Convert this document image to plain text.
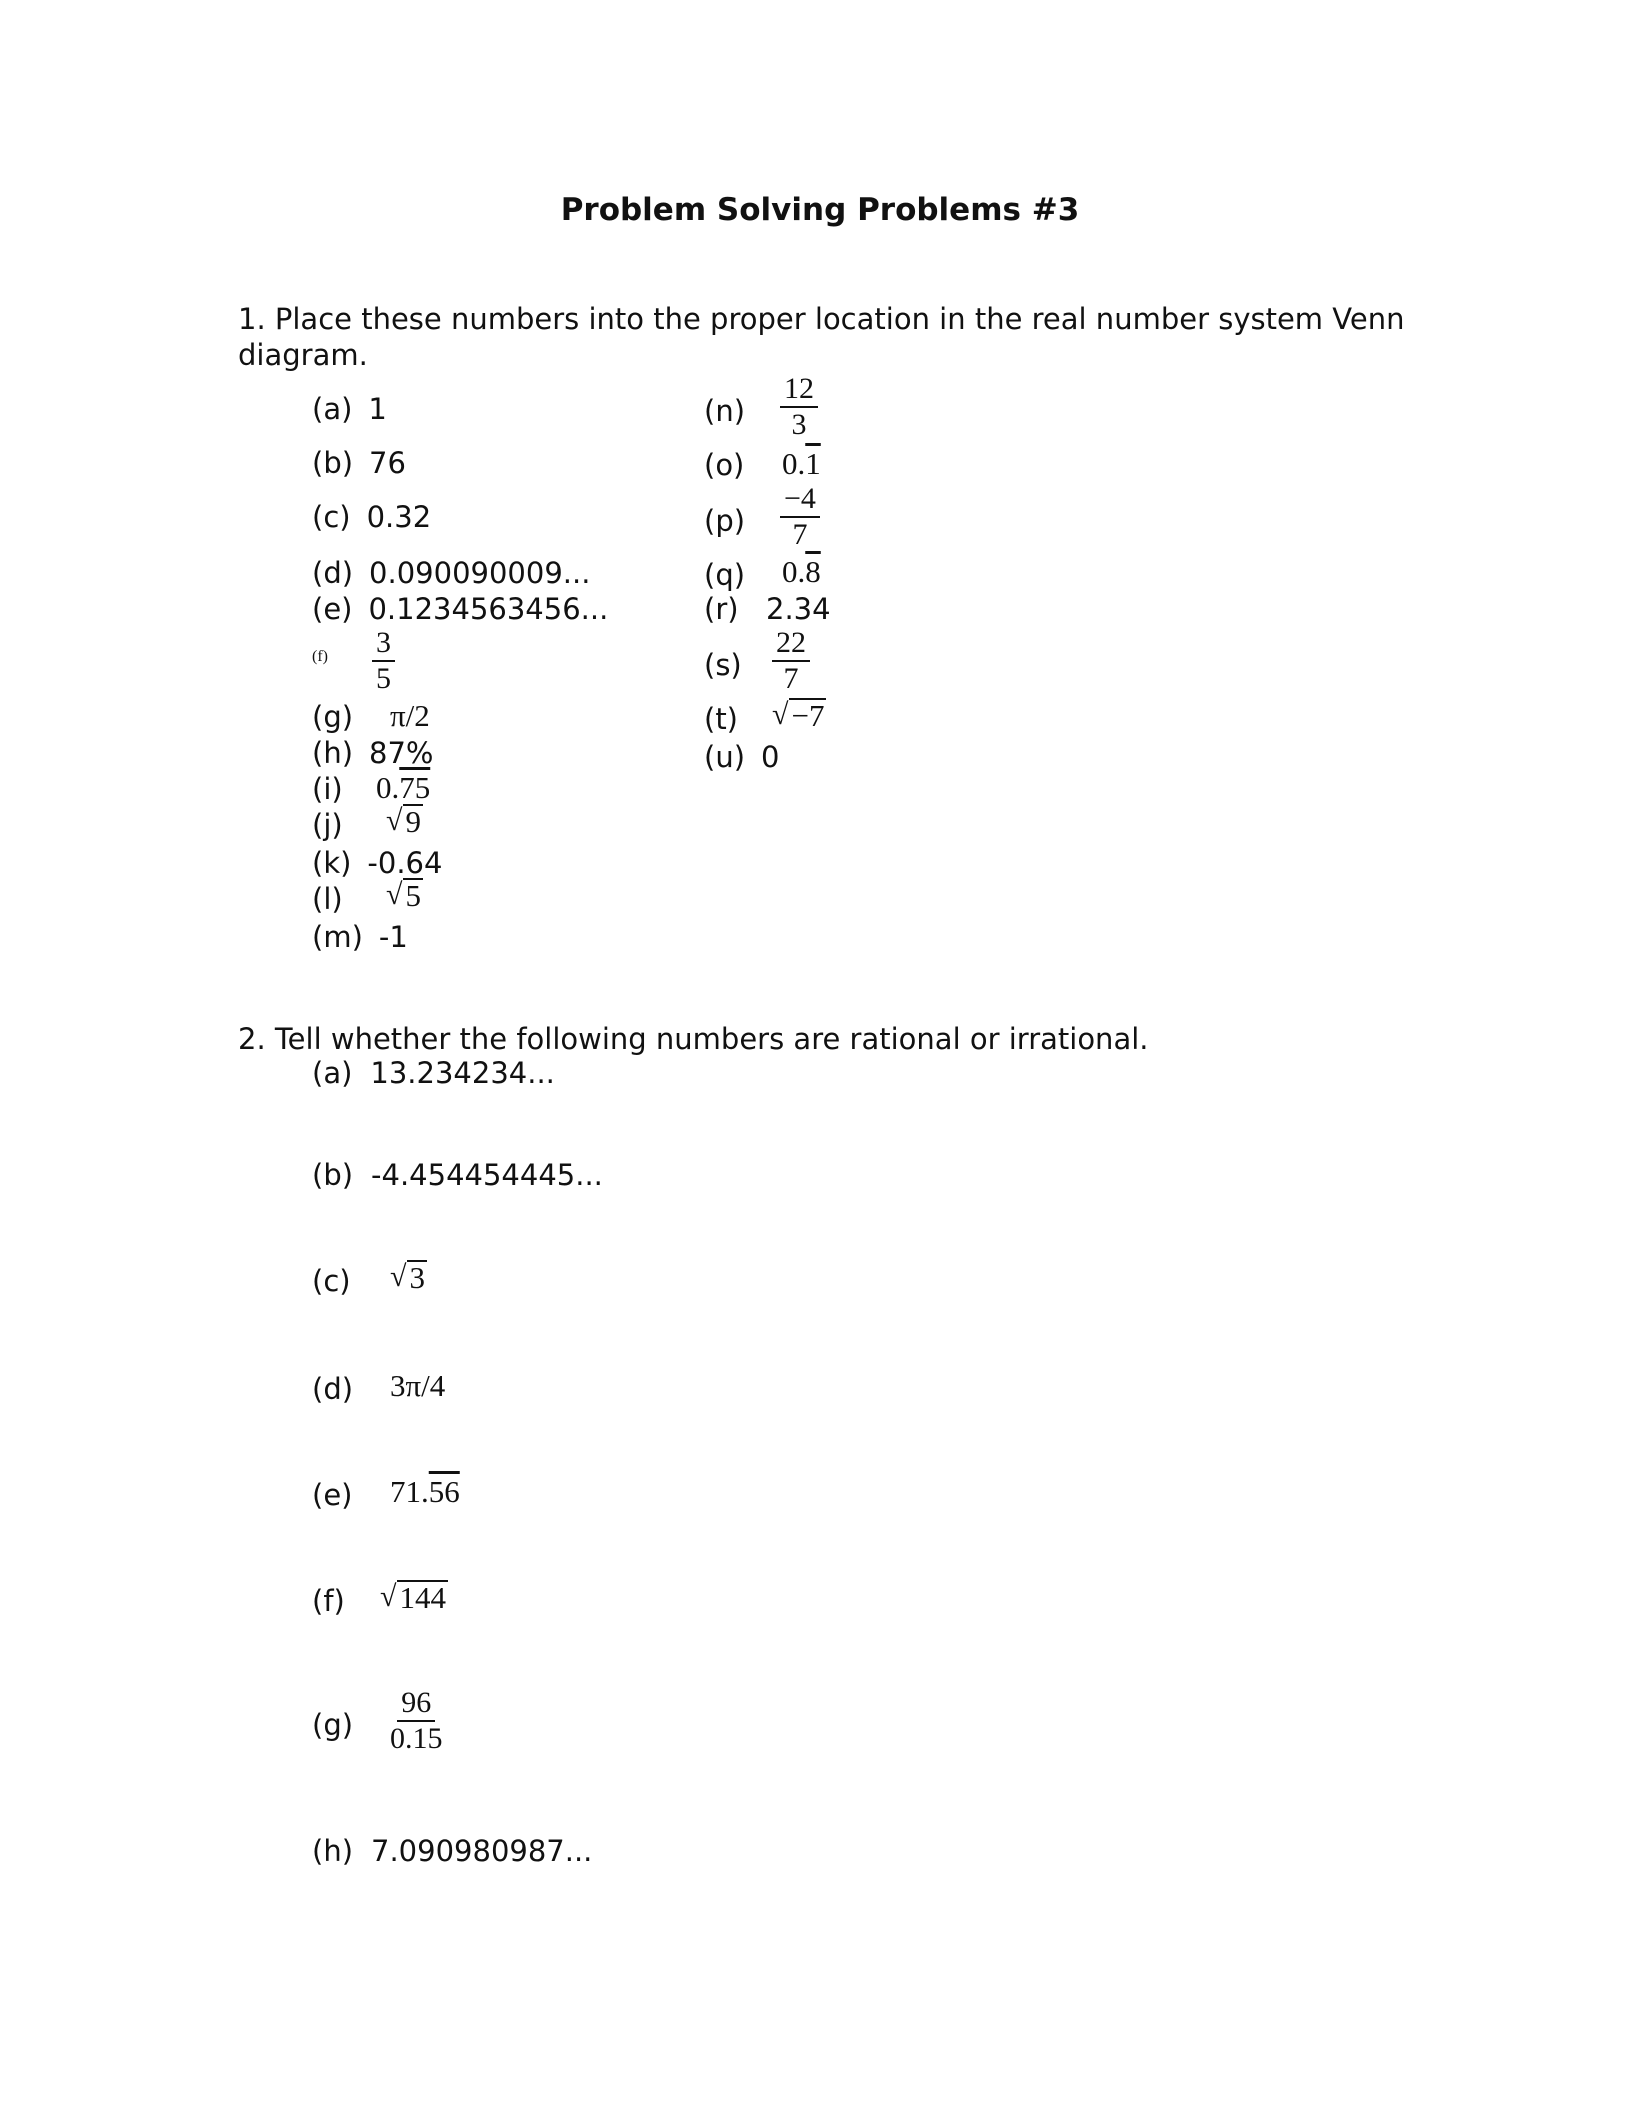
Problem Solving Problems #3
1. Place these numbers into the proper location in the real number system Venn
diagram.
(a) 1
(b) 76
(c) 0.32
(d) 0.090090009...
(e) 0.1234563456...
$(f) \frac{3}{5}$
(g) π/2
(h) 87%
(i) 0.75
(j) √ 9
(k) -0.64
(l) √ 5
(m) -1
$(n) \frac{12}{3}$
(o) 0.1
$(p) \frac{-4}{7}$
(q) 0.8
(r) 2.34
$(s) \frac{22}{7}$
(t) √ −7
(u) 0
2. Tell whether the following numbers are rational or irrational.
(a) 13.234234...
(b) -4.454454445...
(c) √ 3
(d) 3π/4
(e) 71.56
(f) √ 144
$(g) \frac{96}{0.15}$
(h) 7.090980987...
